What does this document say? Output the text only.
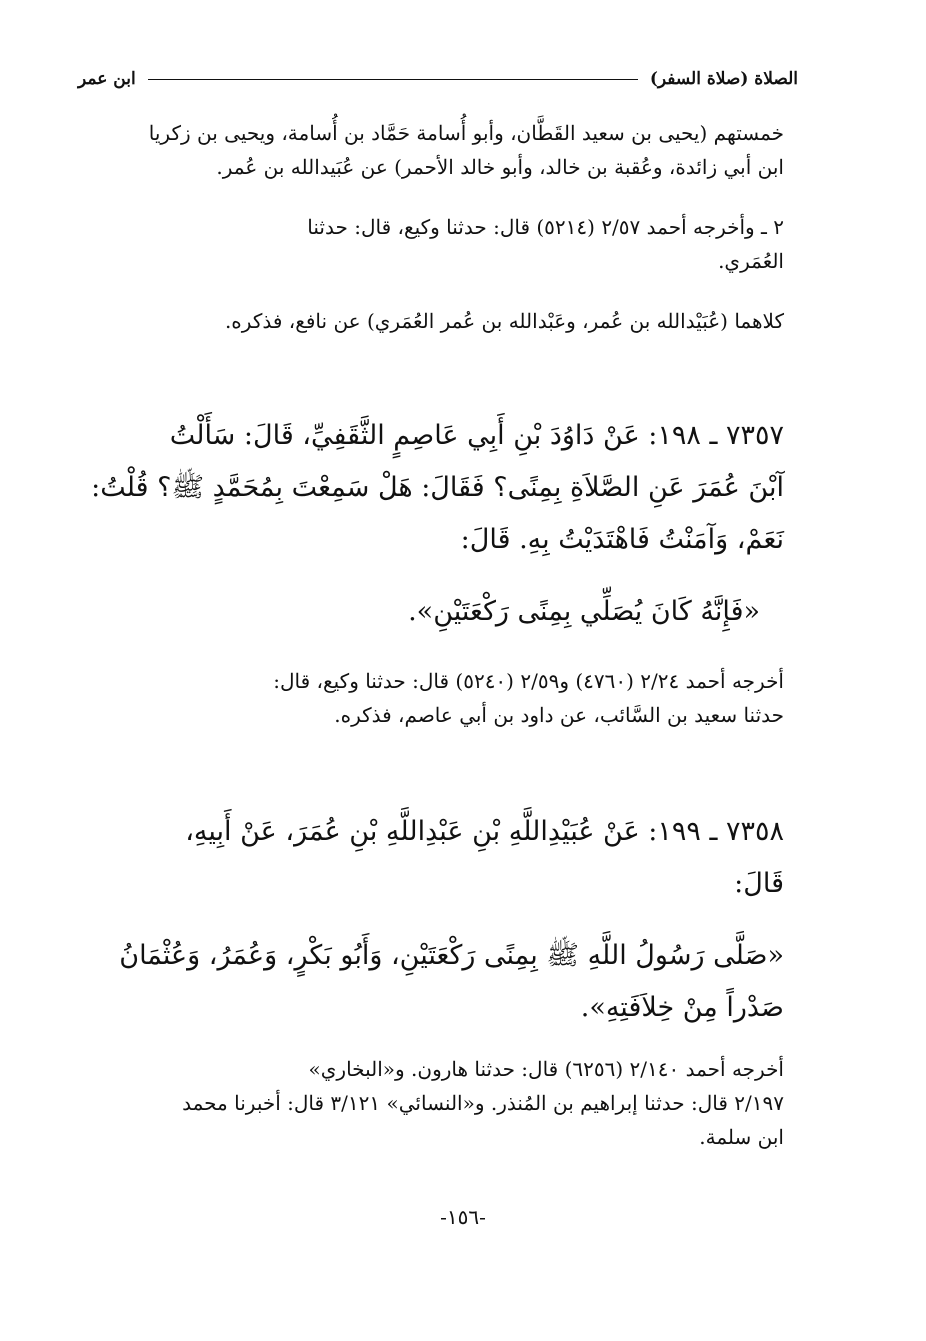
الصلاة (صلاة السفر)
ابن عمر
خمستهم (يحيى بن سعيد القَطَّان، وأبو أُسامة حَمَّاد بن أُسامة، ويحيى بن زكريا
ابن أبي زائدة، وعُقبة بن خالد، وأبو خالد الأحمر) عن عُبَيدالله بن عُمر.
٢ ـ وأخرجه أحمد ٢/٥٧ (٥٢١٤) قال: حدثنا وكيع، قال: حدثنا
العُمَري.
كلاهما (عُبَيْدالله بن عُمر، وعَبْدالله بن عُمر العُمَري) عن نافع، فذكره.
٧٣٥٧ ـ ١٩٨: عَنْ دَاوُدَ بْنِ أَبِي عَاصِمٍ الثَّقَفِيِّ، قَالَ: سَأَلْتُ
آبْنَ عُمَرَ عَنِ الصَّلاَةِ بِمِنًى؟ فَقَالَ: هَلْ سَمِعْتَ بِمُحَمَّدٍ ﷺ؟ قُلْتُ:
نَعَمْ، وَآمَنْتُ فَاهْتَدَيْتُ بِهِ. قَالَ:
«فَإِنَّهُ كَانَ يُصَلِّي بِمِنًى رَكْعَتَيْنِ».
أخرجه أحمد ٢/٢٤ (٤٧٦٠) و٢/٥٩ (٥٢٤٠) قال: حدثنا وكيع، قال:
حدثنا سعيد بن السَّائب، عن داود بن أبي عاصم، فذكره.
٧٣٥٨ ـ ١٩٩: عَنْ عُبَيْدِاللَّهِ بْنِ عَبْدِاللَّهِ بْنِ عُمَرَ، عَنْ أَبِيهِ،
قَالَ:
«صَلَّى رَسُولُ اللَّهِ ﷺ بِمِنًى رَكْعَتَيْنِ، وَأَبُو بَكْرٍ، وَعُمَرُ، وَعُثْمَانُ
صَدْراً مِنْ خِلاَفَتِهِ».
أخرجه أحمد ٢/١٤٠ (٦٢٥٦) قال: حدثنا هارون. و«البخاري»
٢/١٩٧ قال: حدثنا إبراهيم بن المُنذر. و«النسائي» ٣/١٢١ قال: أخبرنا محمد
ابن سلمة.
-١٥٦-
